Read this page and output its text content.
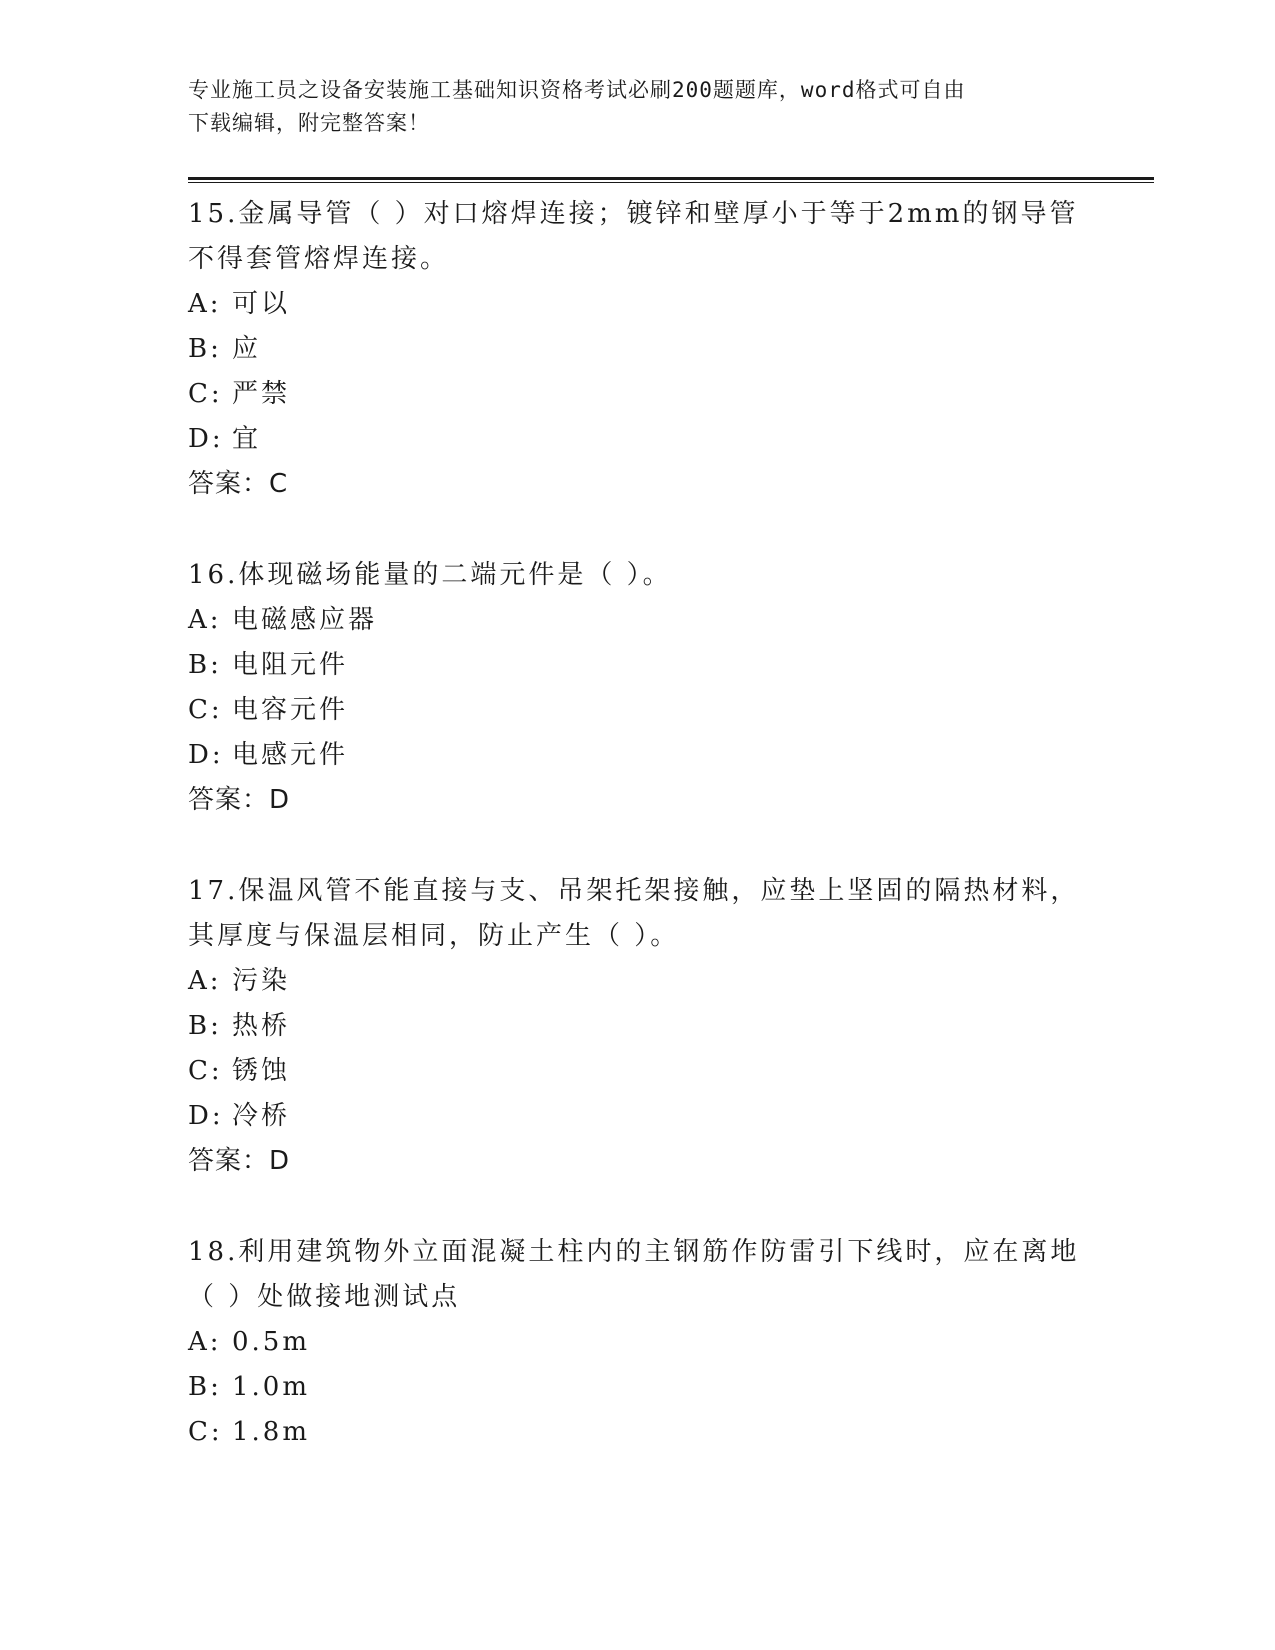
专业施工员之设备安装施工基础知识资格考试必刷200题题库，word格式可自由
下载编辑，附完整答案！
15.金属导管（ ）对口熔焊连接；镀锌和壁厚小于等于2mm的钢导管
不得套管熔焊连接。
A: 可以
B: 应
C: 严禁
D: 宜
答案：C
16.体现磁场能量的二端元件是（ ）。
A: 电磁感应器
B: 电阻元件
C: 电容元件
D: 电感元件
答案：D
17.保温风管不能直接与支、吊架托架接触，应垫上坚固的隔热材料，
其厚度与保温层相同，防止产生（ ）。
A: 污染
B: 热桥
C: 锈蚀
D: 冷桥
答案：D
18.利用建筑物外立面混凝土柱内的主钢筋作防雷引下线时，应在离地
（ ）处做接地测试点
A: 0.5m
B: 1.0m
C: 1.8m
